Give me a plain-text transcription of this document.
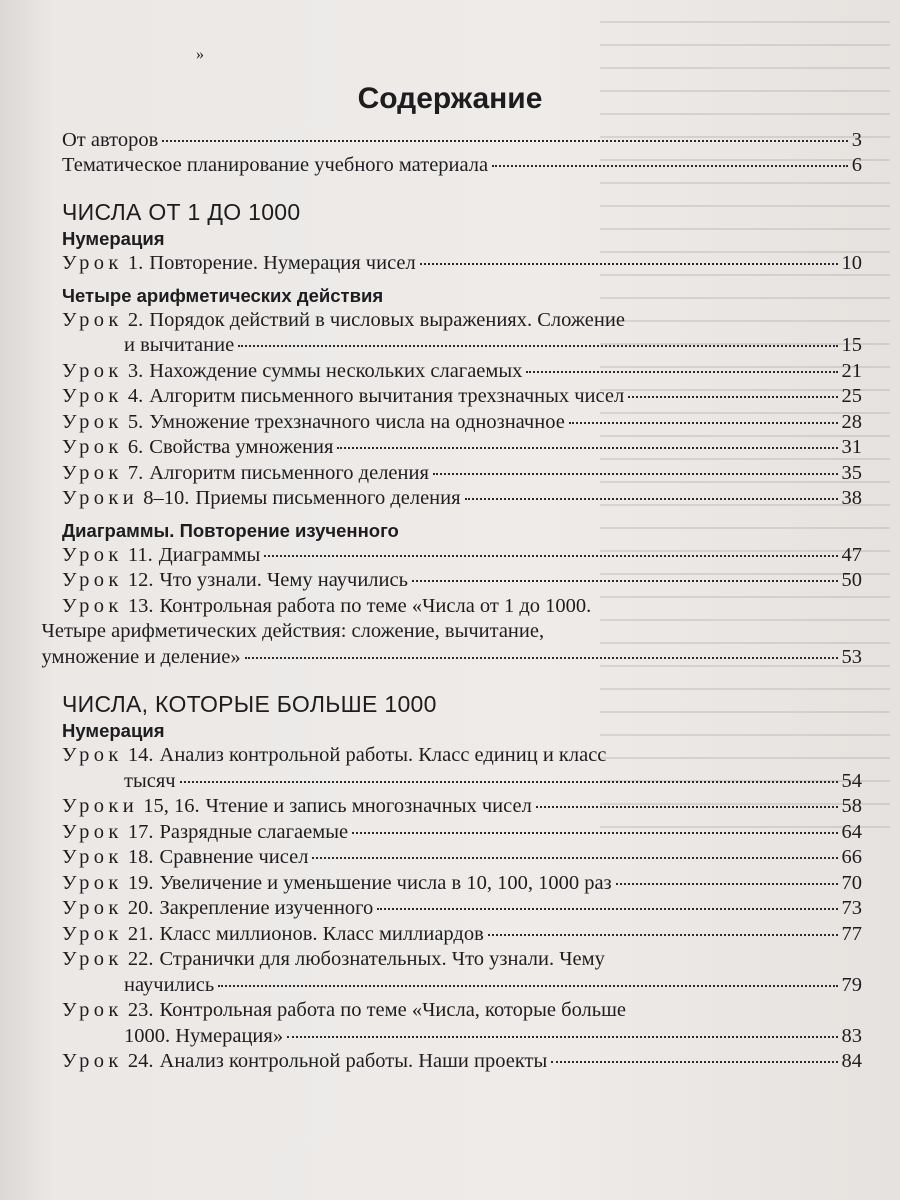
»
Содержание
От авторов	3
Тематическое планирование учебного материала	6
ЧИСЛА ОТ 1 ДО 1000
Нумерация
Урок 1. Повторение. Нумерация чисел	10
Четыре арифметических действия
Урок 2. Порядок действий в числовых выражениях. Сложение
и вычитание	15
Урок 3. Нахождение суммы нескольких слагаемых	21
Урок 4. Алгоритм письменного вычитания трехзначных чисел	25
Урок 5. Умножение трехзначного числа на однозначное	28
Урок 6. Свойства умножения	31
Урок 7. Алгоритм письменного деления	35
Уроки 8–10. Приемы письменного деления	38
Диаграммы. Повторение изученного
Урок 11. Диаграммы	47
Урок 12. Что узнали. Чему научились	50
Урок 13. Контрольная работа по теме «Числа от 1 до 1000.
Четыре арифметических действия: сложение, вычитание,
умножение и деление»	53
ЧИСЛА, КОТОРЫЕ БОЛЬШЕ 1000
Нумерация
Урок 14. Анализ контрольной работы. Класс единиц и класс
тысяч	54
Уроки 15, 16. Чтение и запись многозначных чисел	58
Урок 17. Разрядные слагаемые	64
Урок 18. Сравнение чисел	66
Урок 19. Увеличение и уменьшение числа в 10, 100, 1000 раз	70
Урок 20. Закрепление изученного	73
Урок 21. Класс миллионов. Класс миллиардов	77
Урок 22. Странички для любознательных. Что узнали. Чему
научились	79
Урок 23. Контрольная работа по теме «Числа, которые больше
1000. Нумерация»	83
Урок 24. Анализ контрольной работы. Наши проекты	84
